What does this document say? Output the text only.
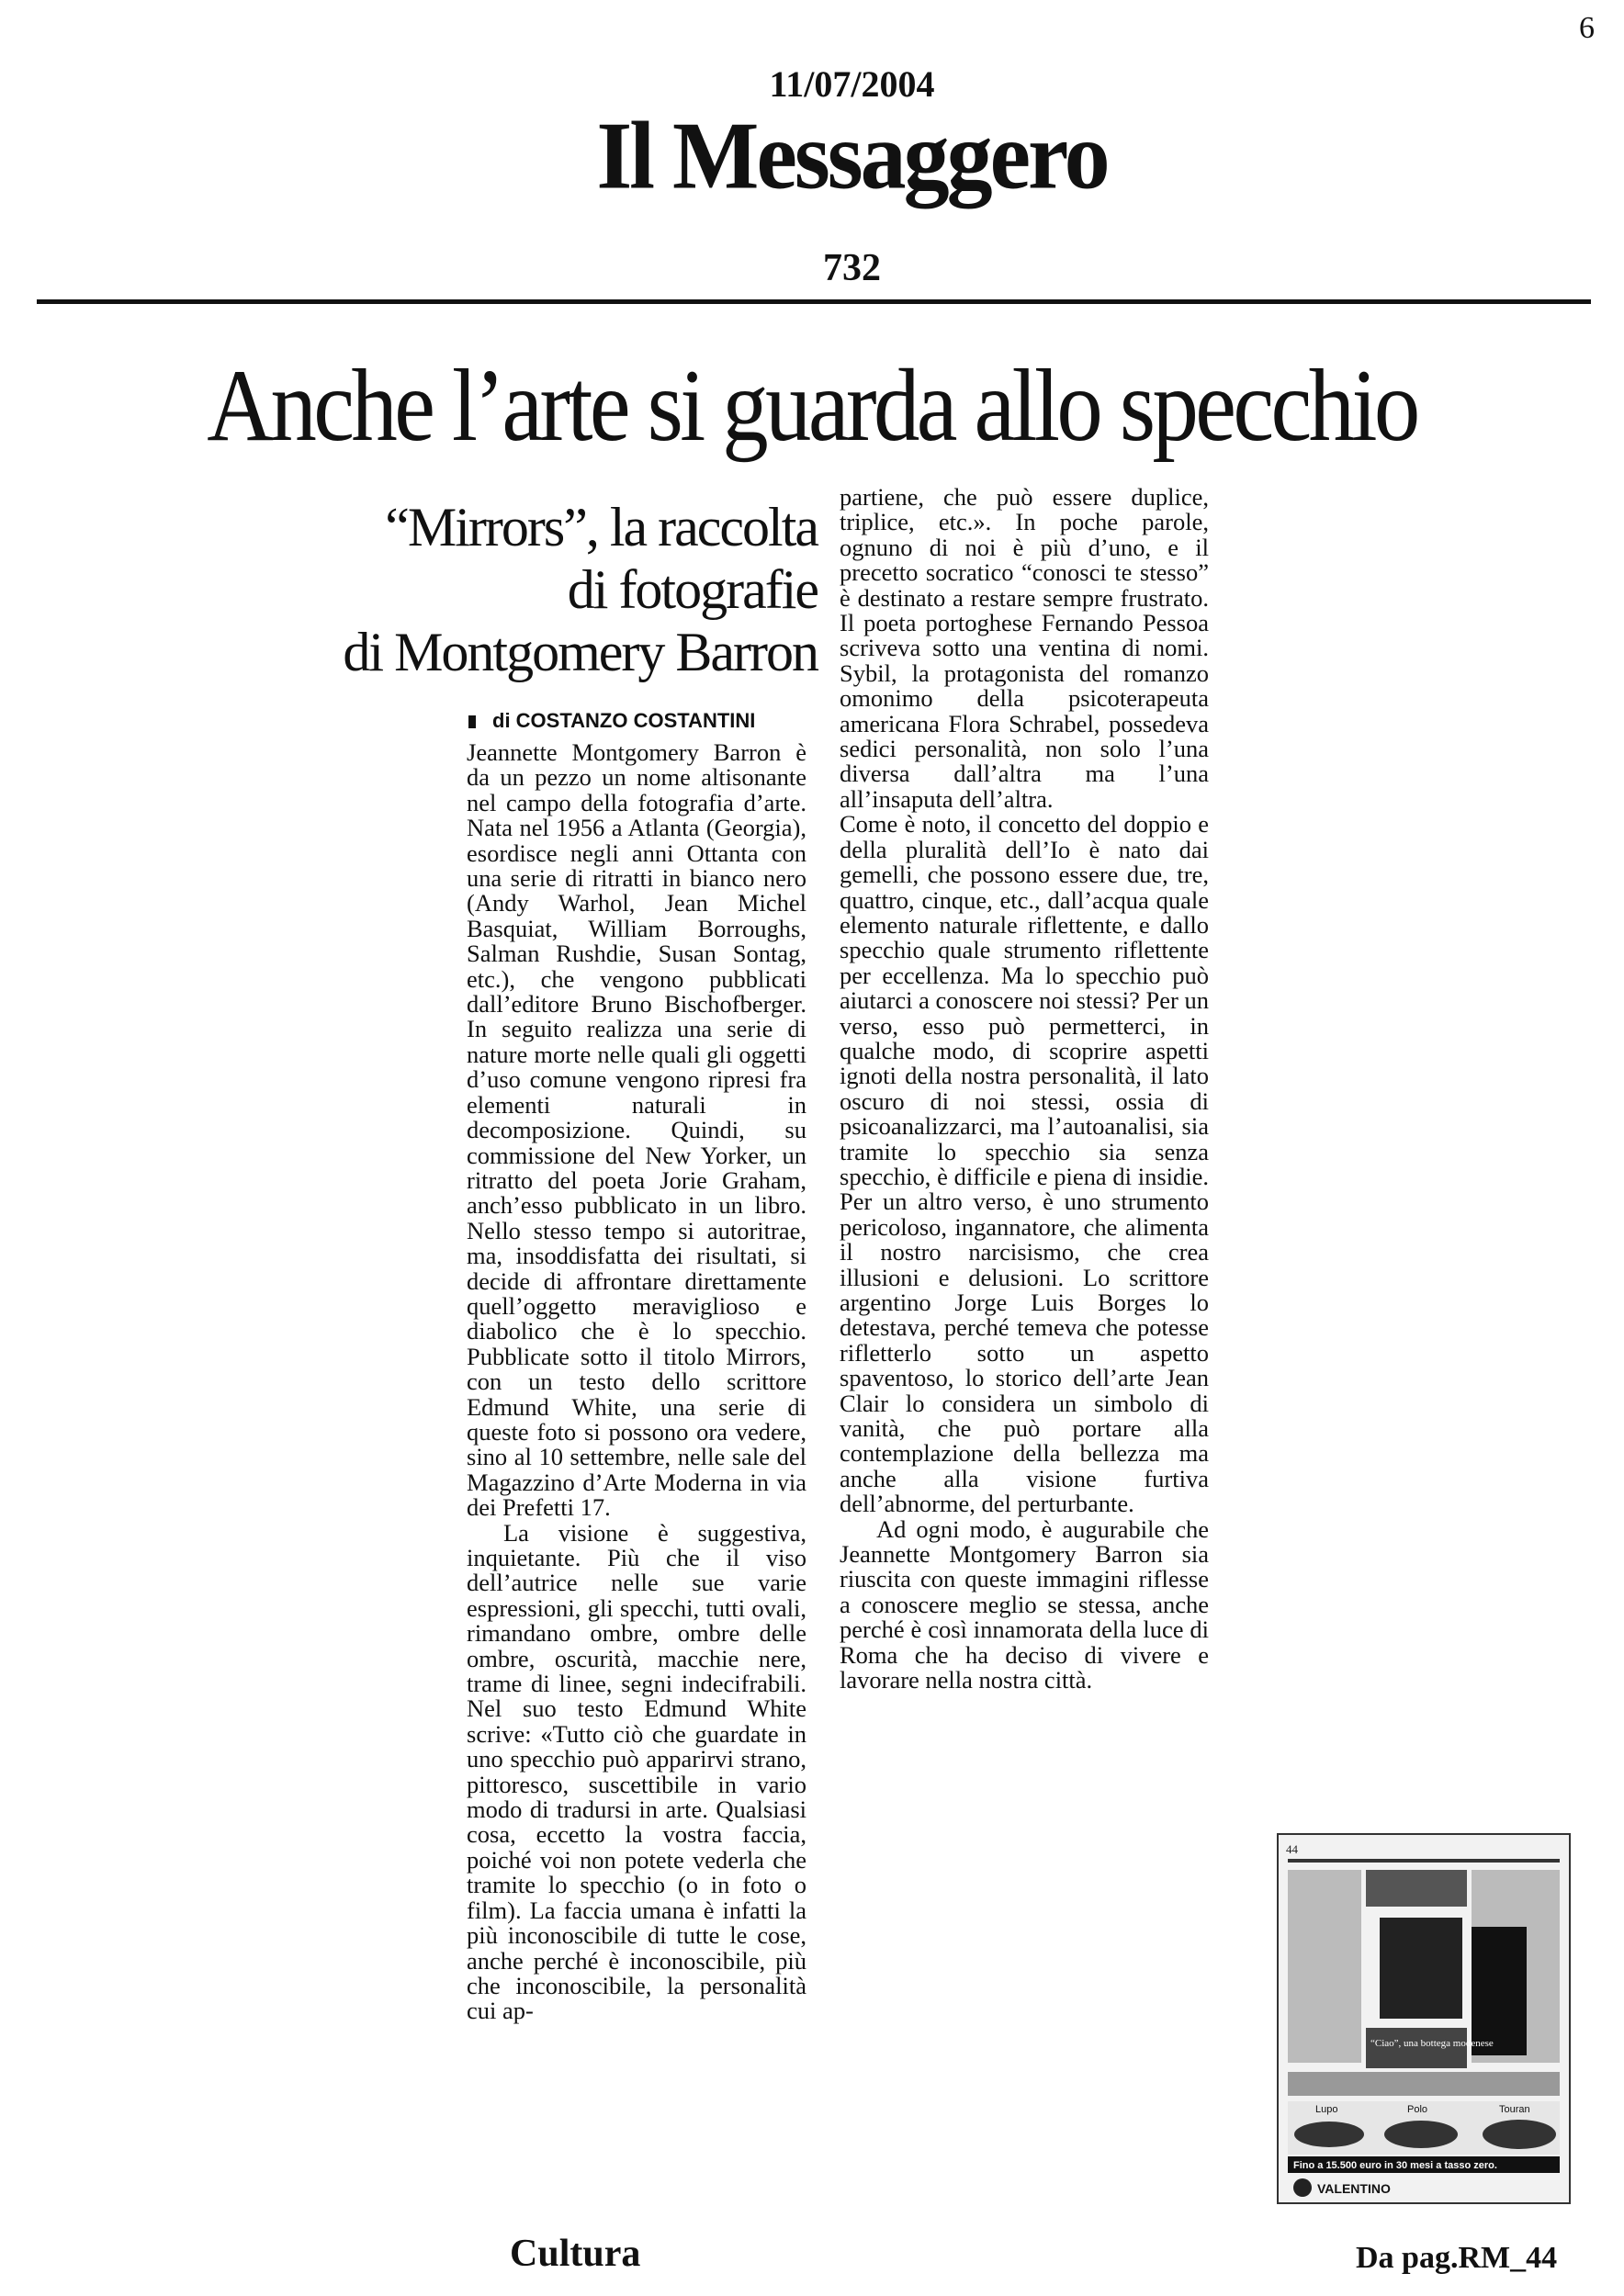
6
11/07/2004
Il Messaggero
732
Anche l’arte si guarda allo specchio
“Mirrors”, la raccolta
di fotografie
di Montgomery Barron
di COSTANZO COSTANTINI

Jeannette Montgomery Barron è da un pezzo un nome altisonante nel campo della fotografia d’arte. Nata nel 1956 a Atlanta (Georgia), esordisce negli anni Ottanta con una serie di ritratti in bianco nero (Andy Warhol, Jean Michel Basquiat, William Borroughs, Salman Rushdie, Susan Sontag, etc.), che vengono pubblicati dall’editore Bruno Bischofberger. In seguito realizza una serie di nature morte nelle quali gli oggetti d’uso comune vengono ripresi fra elementi naturali in decomposizione. Quindi, su commissione del New Yorker, un ritratto del poeta Jorie Graham, anch’esso pubblicato in un libro. Nello stesso tempo si autoritrae, ma, insoddisfatta dei risultati, si decide di affrontare direttamente quell’oggetto meraviglioso e diabolico che è lo specchio. Pubblicate sotto il titolo Mirrors, con un testo dello scrittore Edmund White, una serie di queste foto si possono ora vedere, sino al 10 settembre, nelle sale del Magazzino d’Arte Moderna in via dei Prefetti 17.

La visione è suggestiva, inquietante. Più che il viso dell’autrice nelle sue varie espressioni, gli specchi, tutti ovali, rimandano ombre, ombre delle ombre, oscurità, macchie nere, trame di linee, segni indecifrabili. Nel suo testo Edmund White scrive: «Tutto ciò che guardate in uno specchio può apparirvi strano, pittoresco, suscettibile in vario modo di tradursi in arte. Qualsiasi cosa, eccetto la vostra faccia, poiché voi non potete vederla che tramite lo specchio (o in foto o film). La faccia umana è infatti la più inconoscibile di tutte le cose, anche perché è inconoscibile, più che inconoscibile, la personalità cui ap-

partiene, che può essere duplice, triplice, etc.». In poche parole, ognuno di noi è più d’uno, e il precetto socratico “conosci te stesso” è destinato a restare sempre frustrato. Il poeta portoghese Fernando Pessoa scriveva sotto una ventina di nomi. Sybil, la protagonista del romanzo omonimo della psicoterapeuta americana Flora Schrabel, possedeva sedici personalità, non solo l’una diversa dall’altra ma l’una all’insaputa dell’altra.

Come è noto, il concetto del doppio e della pluralità dell’Io è nato dai gemelli, che possono essere due, tre, quattro, cinque, etc., dall’acqua quale elemento naturale riflettente, e dallo specchio quale strumento riflettente per eccellenza. Ma lo specchio può aiutarci a conoscere noi stessi? Per un verso, esso può permetterci, in qualche modo, di scoprire aspetti ignoti della nostra personalità, il lato oscuro di noi stessi, ossia di psicoanalizzarci, ma l’autoanalisi, sia tramite lo specchio sia senza specchio, è difficile e piena di insidie. Per un altro verso, è uno strumento pericoloso, ingannatore, che alimenta il nostro narcisismo, che crea illusioni e delusioni. Lo scrittore argentino Jorge Luis Borges lo detestava, perché temeva che potesse rifletterlo sotto un aspetto spaventoso, lo storico dell’arte Jean Clair lo considera un simbolo di vanità, che può portare alla contemplazione della bellezza ma anche alla visione furtiva dell’abnorme, del perturbante.

Ad ogni modo, è augurabile che Jeannette Montgomery Barron sia riuscita con queste immagini riflesse a conoscere meglio se stessa, anche perché è così innamorata della luce di Roma che ha deciso di vivere e lavorare nella nostra città.

44
“Ciao”, una bottega modenese
Lupo	Polo	Touran
Fino a 15.500 euro in 30 mesi a tasso zero.
VALENTINO
Cultura	Da pag.RM_44
